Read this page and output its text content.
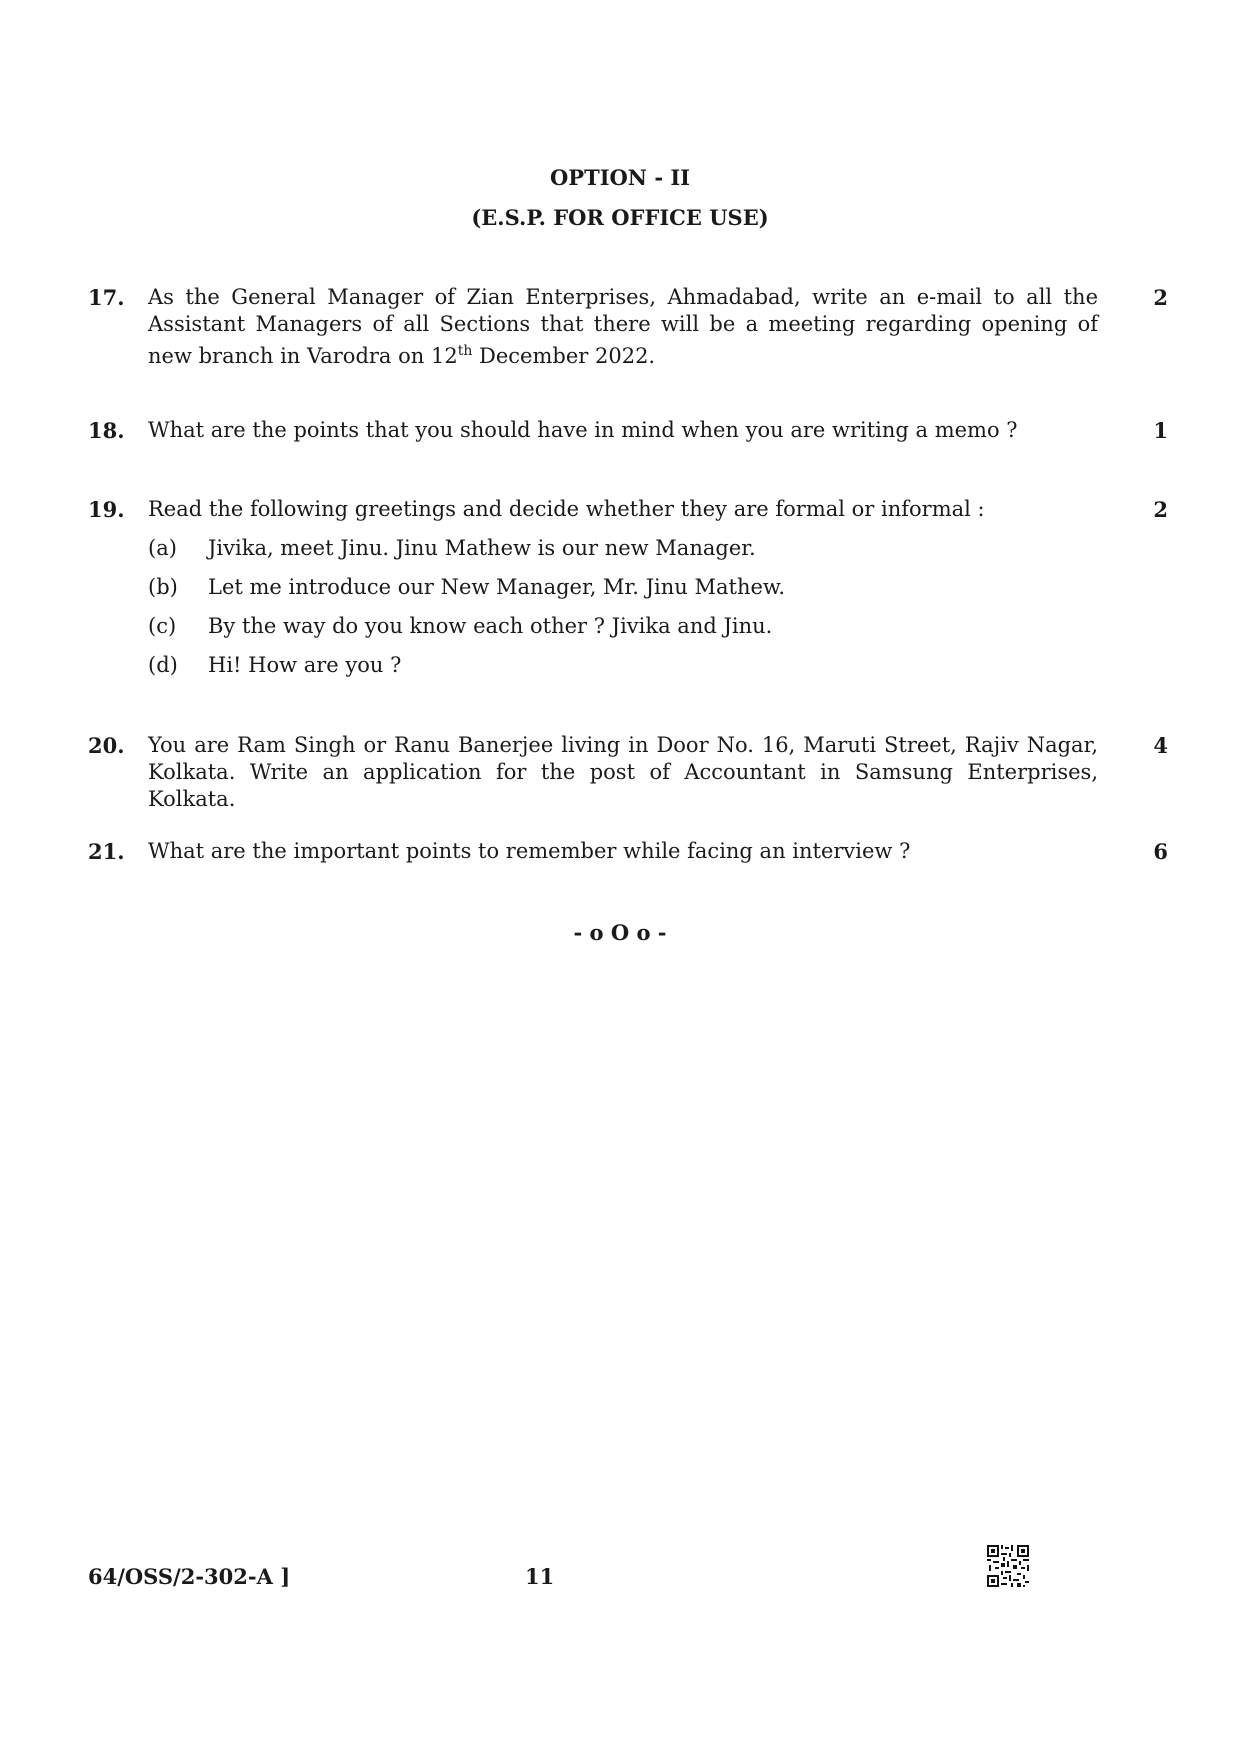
OPTION - II
(E.S.P. FOR OFFICE USE)
17. As the General Manager of Zian Enterprises, Ahmadabad, write an e-mail to all the Assistant Managers of all Sections that there will be a meeting regarding opening of new branch in Varodra on 12th December 2022.
2
18. What are the points that you should have in mind when you are writing a memo ?	1
19. Read the following greetings and decide whether they are formal or informal :	2
(a) Jivika, meet Jinu. Jinu Mathew is our new Manager.
(b) Let me introduce our New Manager, Mr. Jinu Mathew.
(c) By the way do you know each other ? Jivika and Jinu.
(d) Hi! How are you ?
20. You are Ram Singh or Ranu Banerjee living in Door No. 16, Maruti Street, Rajiv Nagar, Kolkata. Write an application for the post of Accountant in Samsung Enterprises, Kolkata.
4
21. What are the important points to remember while facing an interview ?	6
- o O o -
64/OSS/2-302-A ]	11
